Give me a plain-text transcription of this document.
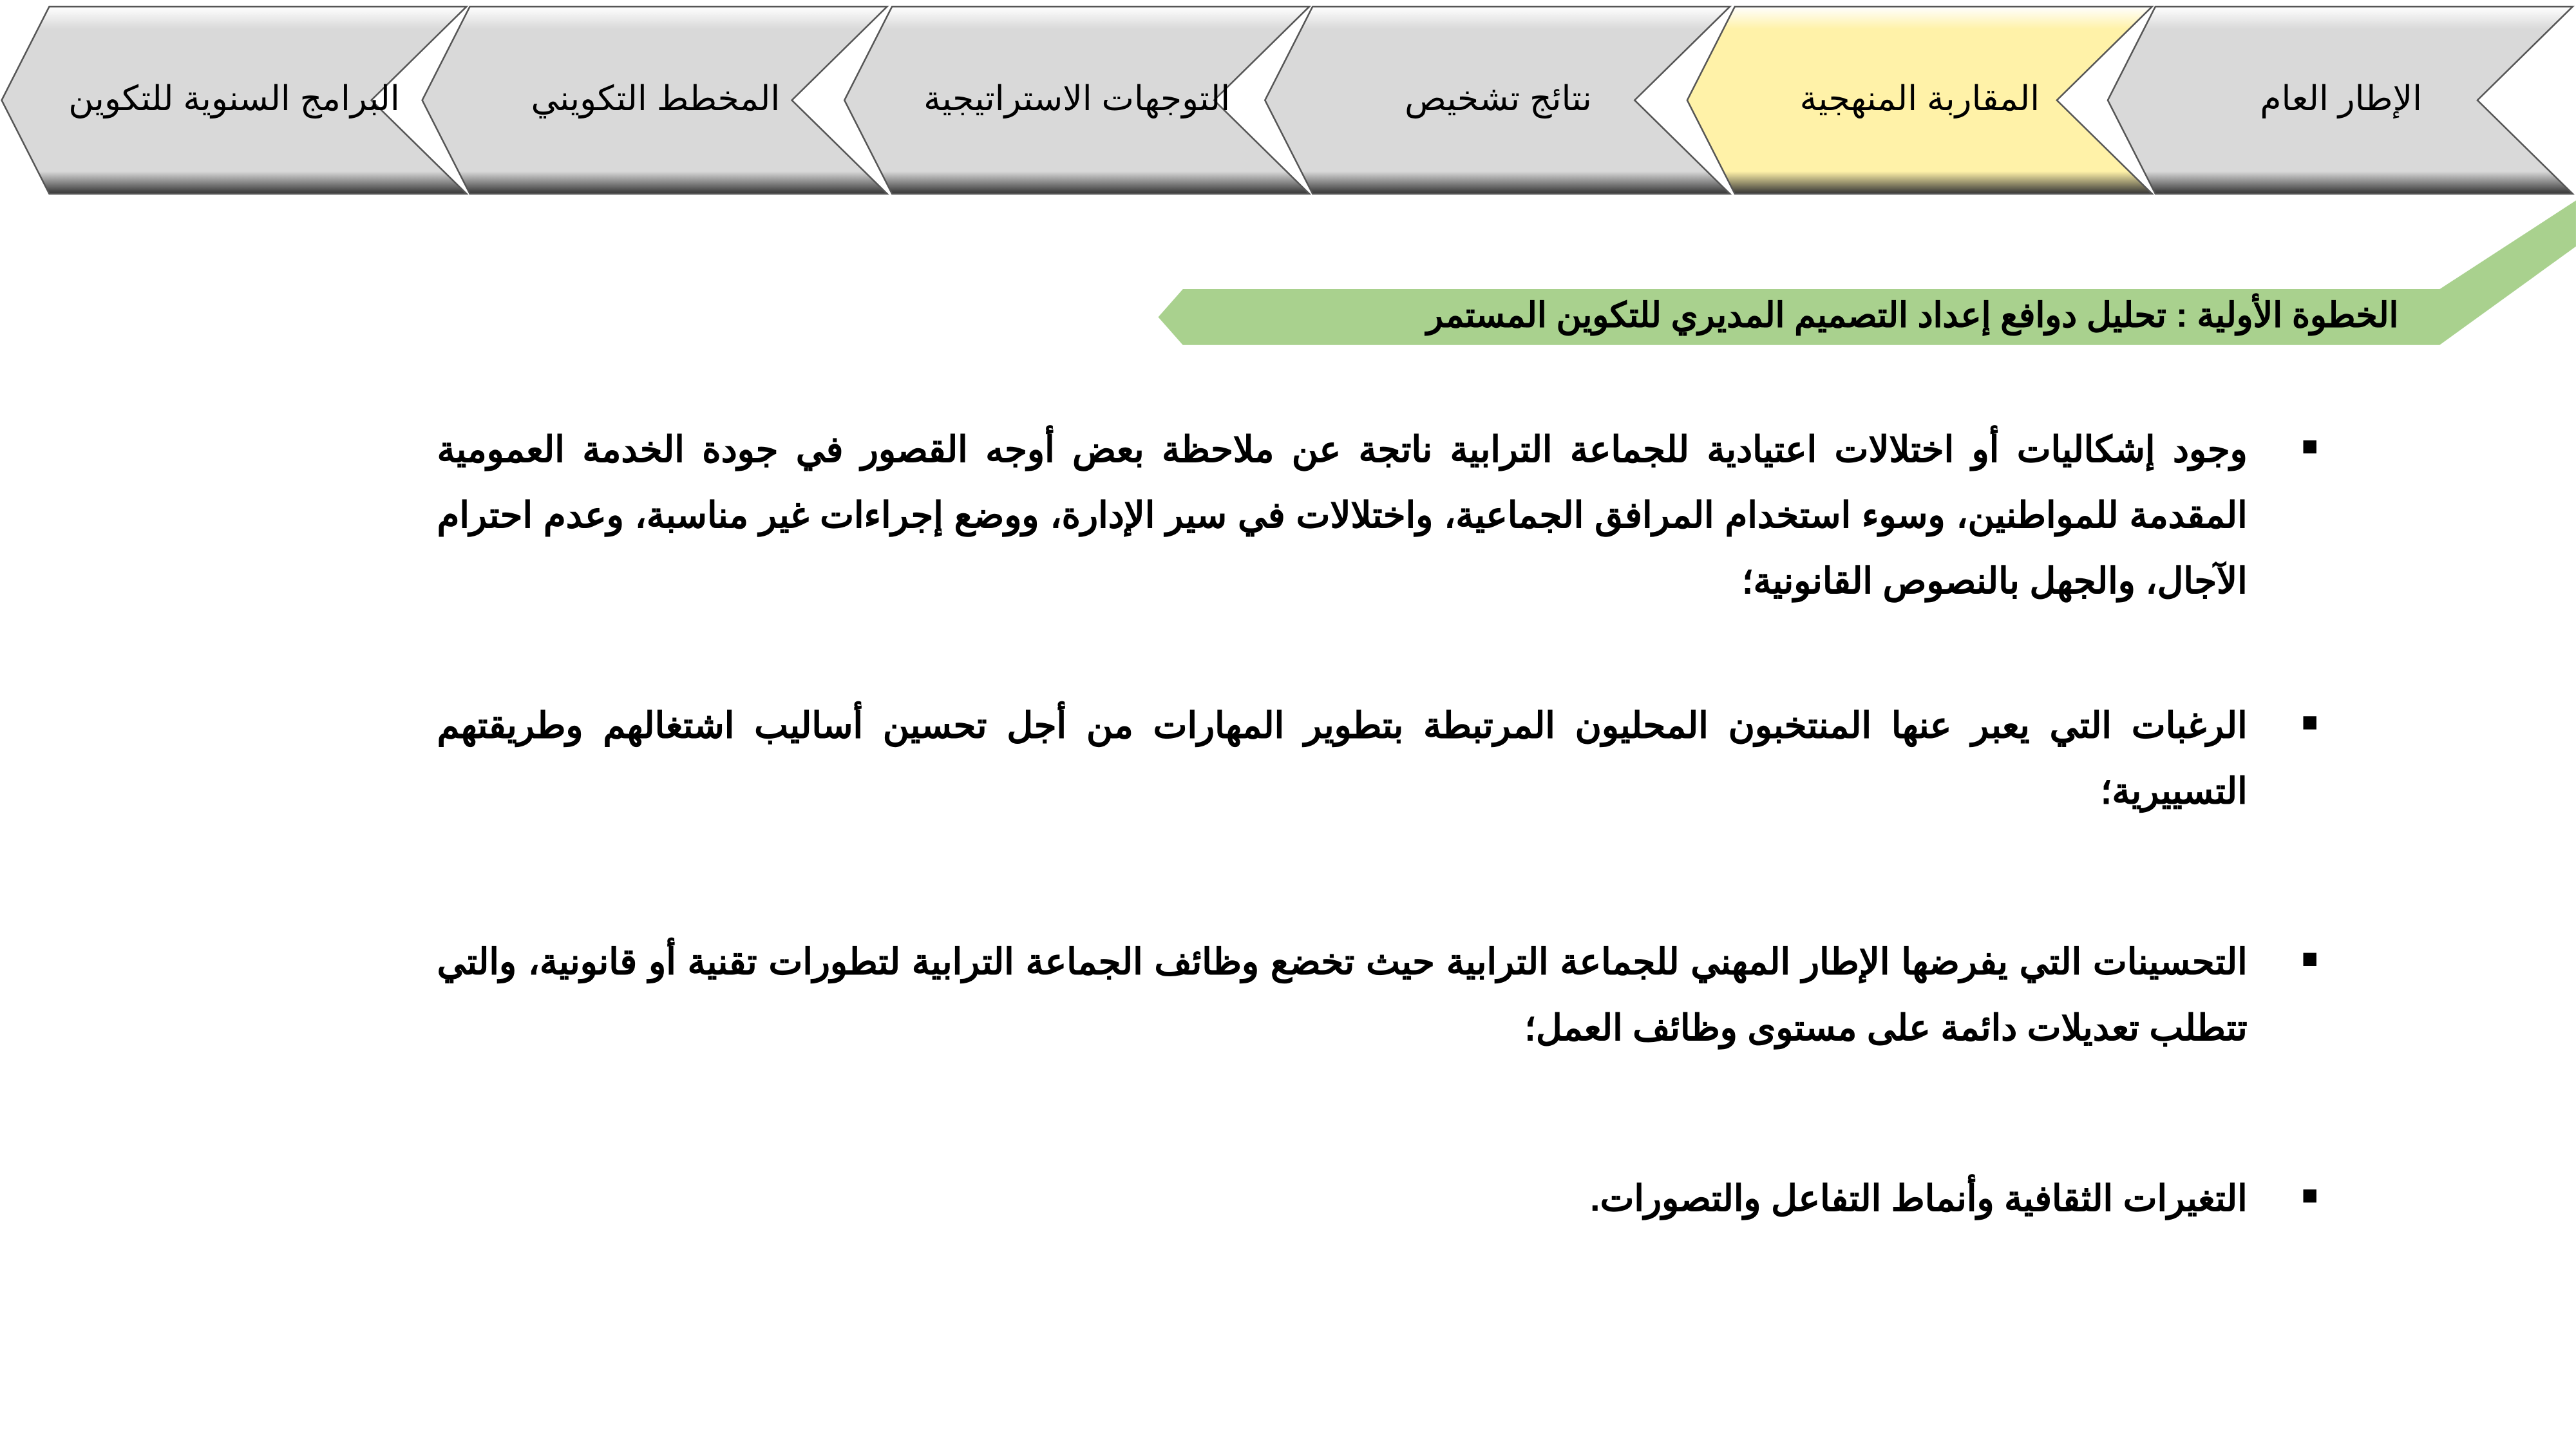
الإطار العام
المقاربة المنهجية
نتائج تشخيص
التوجهات الاستراتيجية
المخطط التكويني
البرامج السنوية للتكوين
الخطوة الأولية : تحليل دوافع إعداد التصميم المديري للتكوين المستمر
وجود إشكاليات أو اختلالات اعتيادية للجماعة الترابية ناتجة عن ملاحظة بعض أوجه القصور في جودة الخدمة العمومية المقدمة للمواطنين، وسوء استخدام المرافق الجماعية، واختلالات في سير الإدارة، ووضع إجراءات غير مناسبة، وعدم احترام الآجال، والجهل بالنصوص القانونية؛
الرغبات التي يعبر عنها المنتخبون المحليون المرتبطة بتطوير المهارات من أجل تحسين أساليب اشتغالهم وطريقتهم التسييرية؛
التحسينات التي يفرضها الإطار المهني للجماعة الترابية حيث تخضع وظائف الجماعة الترابية لتطورات تقنية أو قانونية، والتي تتطلب تعديلات دائمة على مستوى وظائف العمل؛
التغيرات الثقافية وأنماط التفاعل والتصورات.
